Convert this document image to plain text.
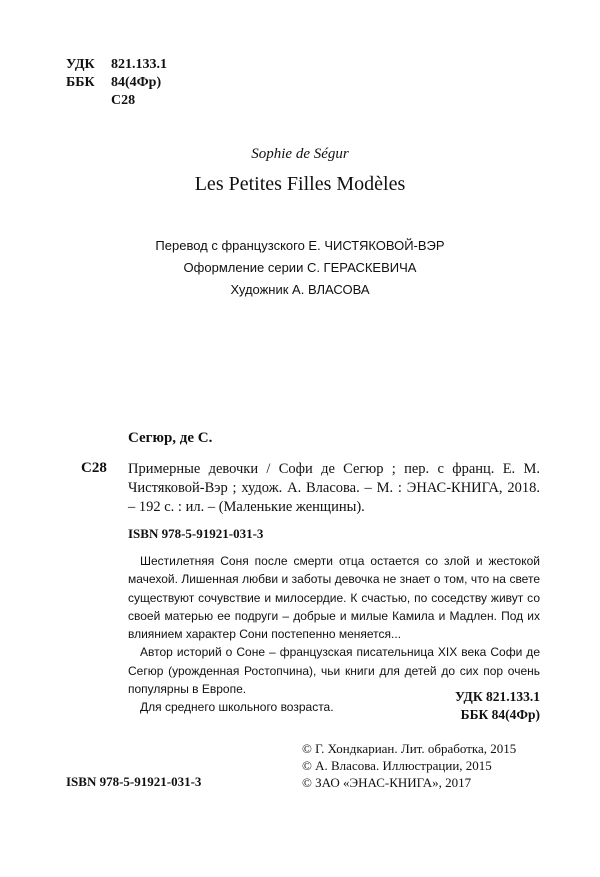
УДК	821.133.1
ББК	84(4Фр)
С28
Sophie de Ségur
Les Petites Filles Modèles
Перевод с французского Е. ЧИСТЯКОВОЙ-ВЭР
Оформление серии С. ГЕРАСКЕВИЧА
Художник А. ВЛАСОВА
Сегюр, де С.
С28 Примерные девочки / Софи де Сегюр ; пер. с франц. Е. М. Чистяковой-Вэр ; худож. А. Власова. – М. : ЭНАС-КНИГА, 2018. – 192 с. : ил. – (Маленькие женщины).
ISBN 978-5-91921-031-3

Шестилетняя Соня после смерти отца остается со злой и жестокой мачехой. Лишенная любви и заботы девочка не знает о том, что на свете существуют сочувствие и милосердие. К счастью, по соседству живут со своей матерью ее подруги – добрые и милые Камила и Мадлен. Под их влиянием характер Сони постепенно меняется...

Автор историй о Соне – французская писательница XIX века Софи де Сегюр (урожденная Ростопчина), чьи книги для детей до сих пор очень популярны в Европе.

Для среднего школьного возраста.

УДК 821.133.1
ББК 84(4Фр)
© Г. Хондкариан. Лит. обработка, 2015
© А. Власова. Иллюстрации, 2015
© ЗАО «ЭНАС-КНИГА», 2017
ISBN 978-5-91921-031-3
